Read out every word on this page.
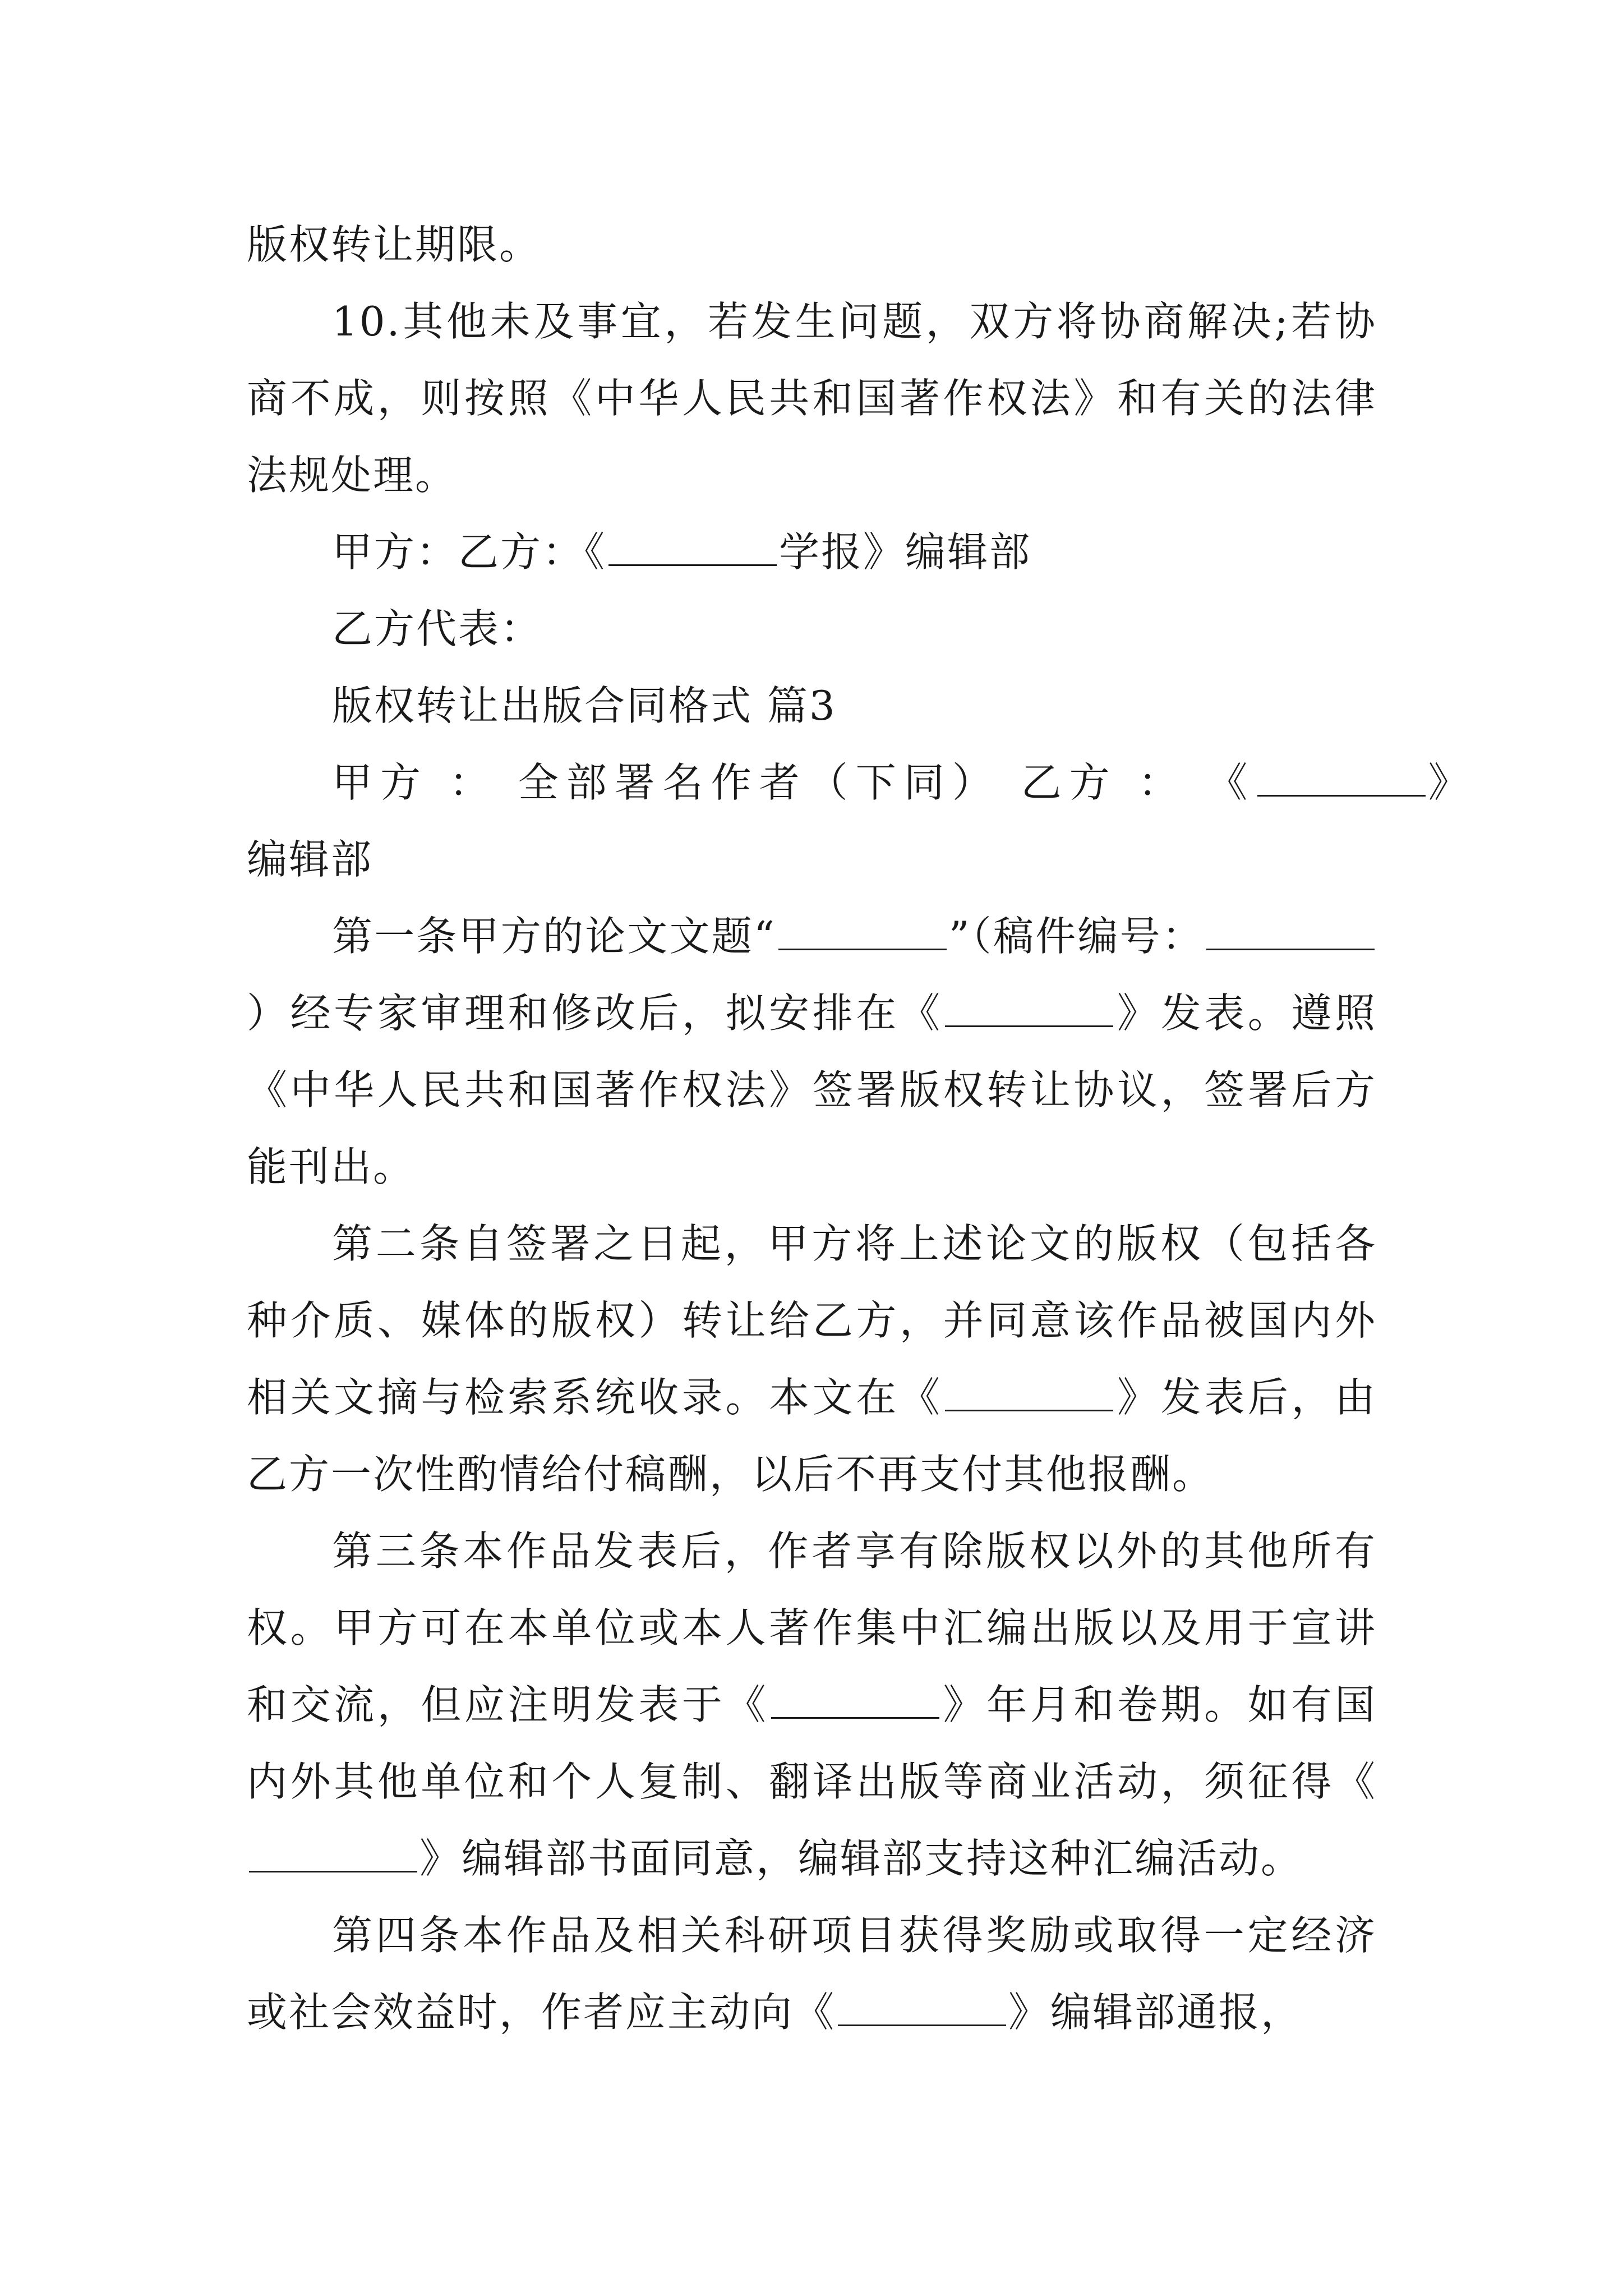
版权转让期限。

10.其他未及事宜，若发生问题，双方将协商解决;若协商不成，则按照《中华人民共和国著作权法》和有关的法律法规处理。

甲方：乙方：《	学报》编辑部

乙方代表：

版权转让出版合同格式 篇3

甲方 ： 全部署名作者（下同） 乙方 ： 《	》

编辑部

第一条甲方的论文文题“	”（稿件编号：）经专家审理和修改后，拟安排在《	》发表。遵照《中华人民共和国著作权法》签署版权转让协议，签署后方能刊出。

第二条自签署之日起，甲方将上述论文的版权（包括各种介质、媒体的版权）转让给乙方，并同意该作品被国内外相关文摘与检索系统收录。本文在《	》发表后，由乙方一次性酌情给付稿酬，以后不再支付其他报酬。

第三条本作品发表后，作者享有除版权以外的其他所有权。甲方可在本单位或本人著作集中汇编出版以及用于宣讲和交流，但应注明发表于《	》年月和卷期。如有国内外其他单位和个人复制、翻译出版等商业活动，须征得《》编辑部书面同意，编辑部支持这种汇编活动。

第四条本作品及相关科研项目获得奖励或取得一定经济或社会效益时，作者应主动向《	》编辑部通报，
